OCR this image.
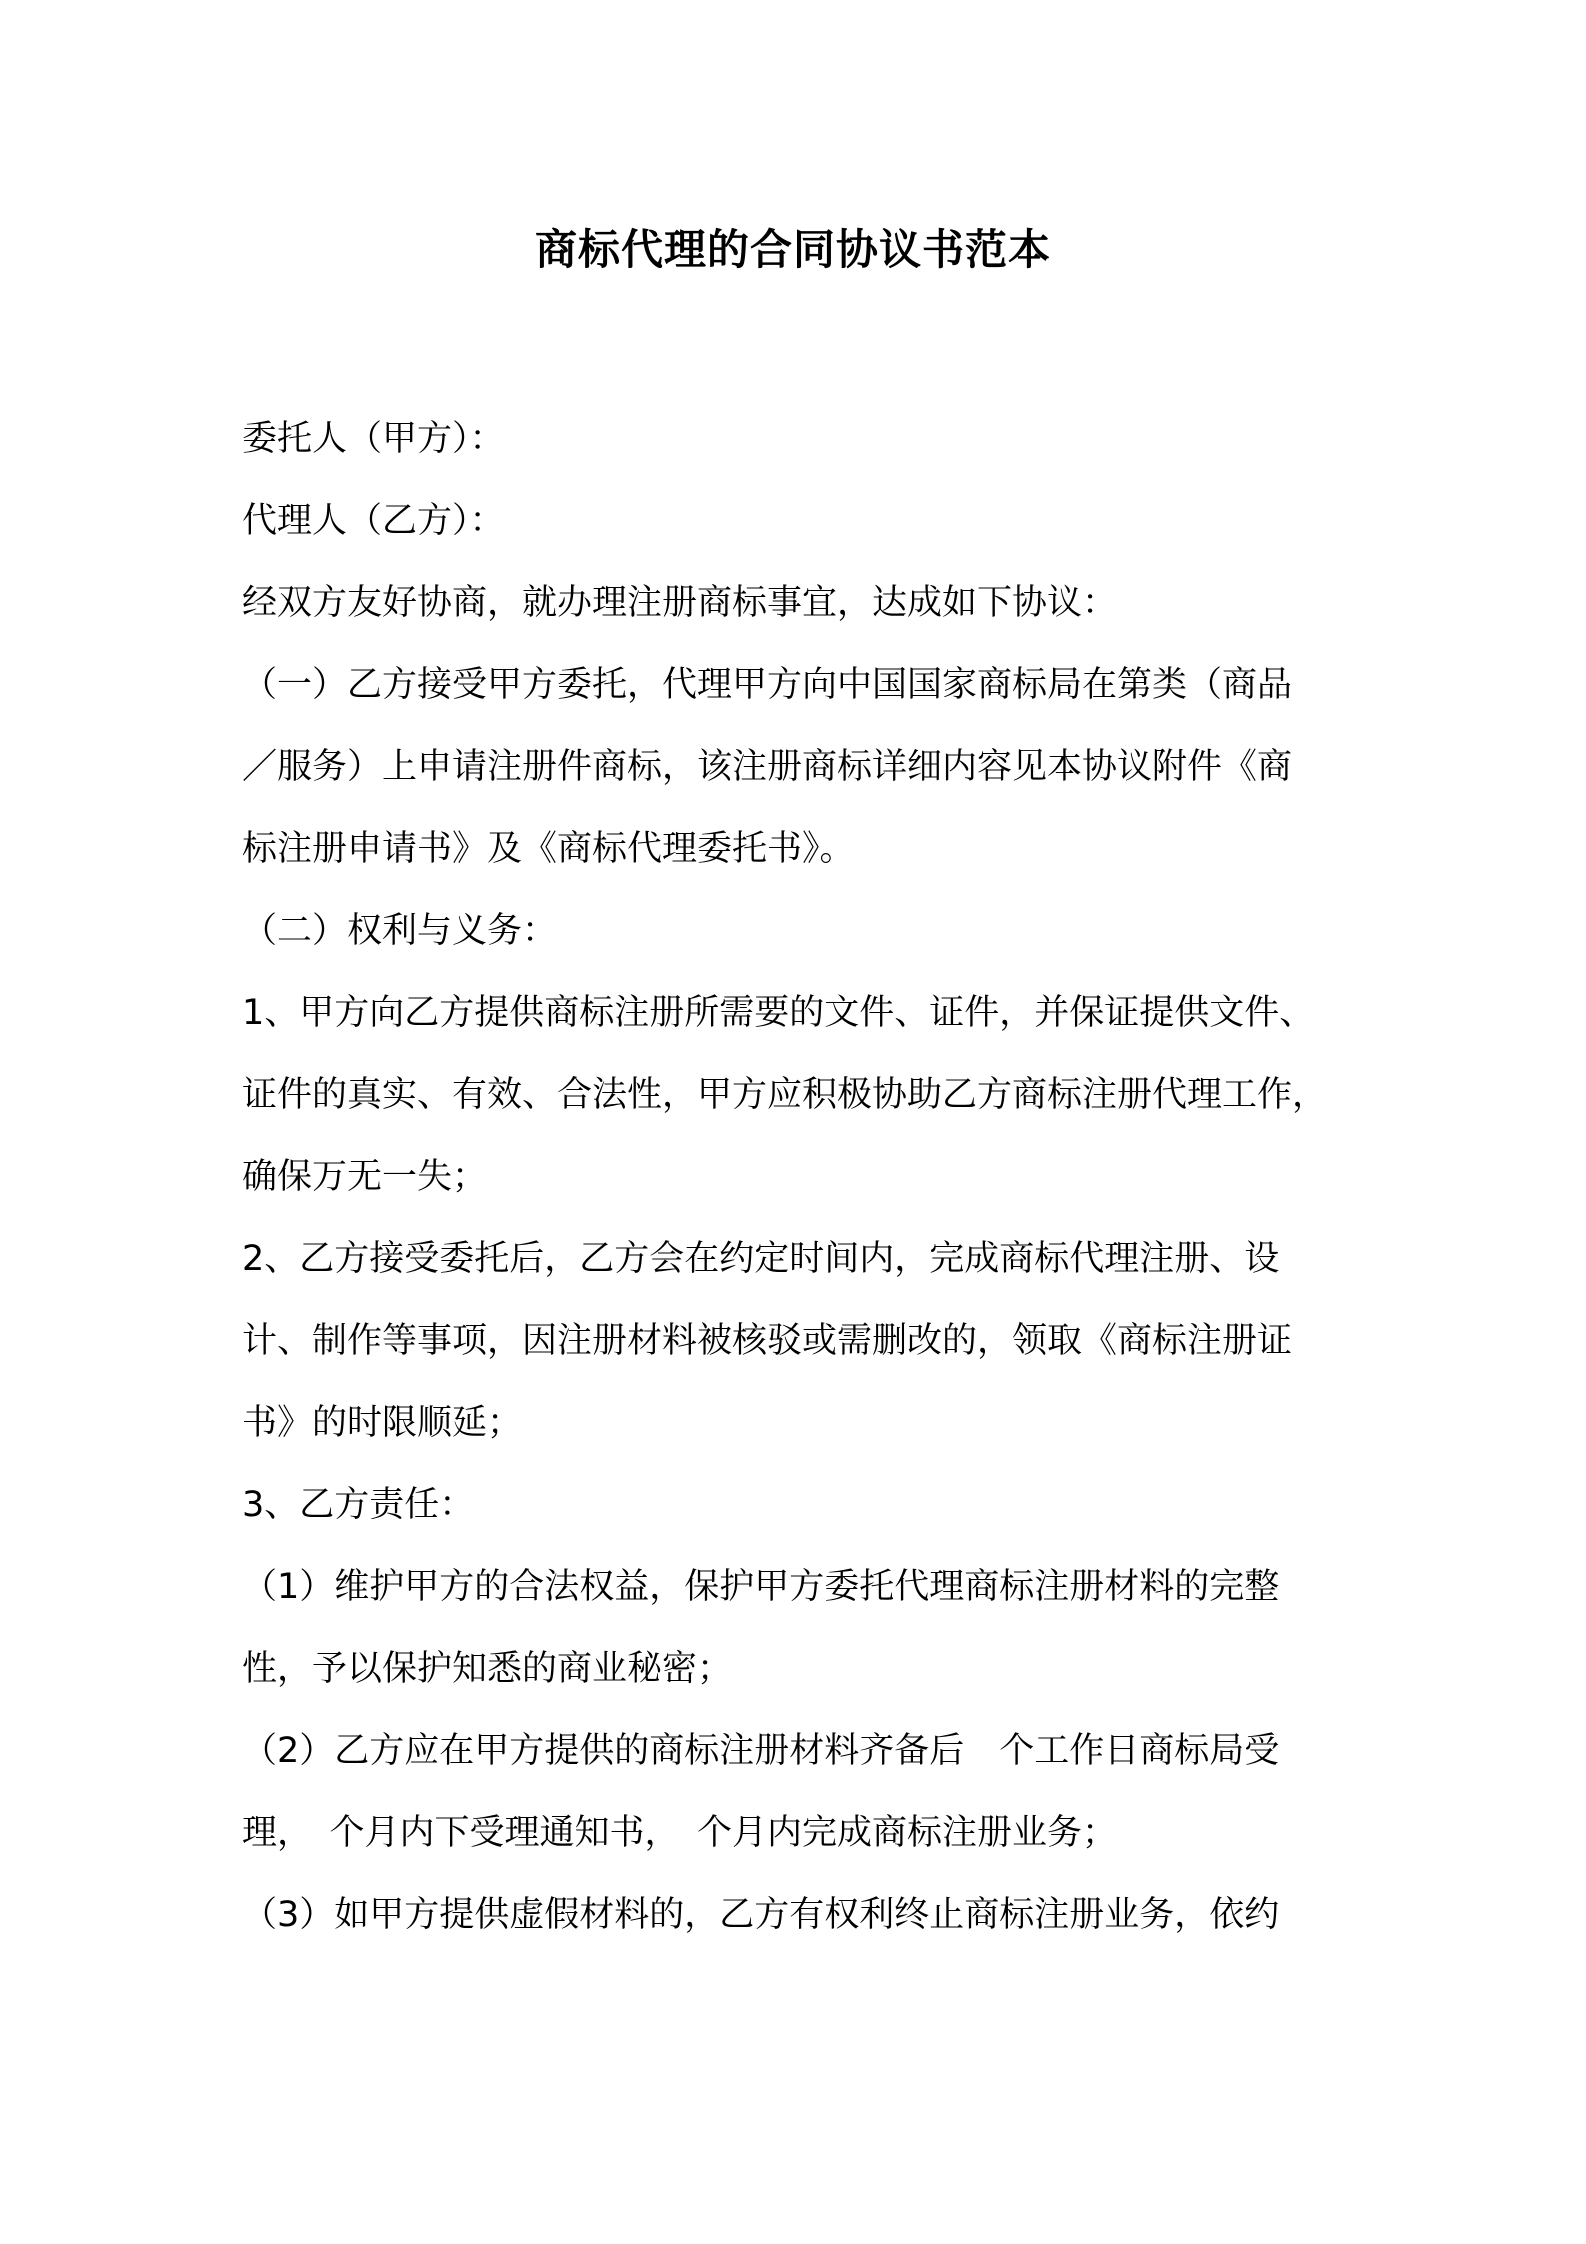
商标代理的合同协议书范本
委托人（甲方）：
代理人（乙方）：
经双方友好协商，就办理注册商标事宜，达成如下协议：
（一）乙方接受甲方委托，代理甲方向中国国家商标局在第类（商品
／服务）上申请注册件商标，该注册商标详细内容见本协议附件《商
标注册申请书》及《商标代理委托书》。
（二）权利与义务：
1、甲方向乙方提供商标注册所需要的文件、证件，并保证提供文件、
证件的真实、有效、合法性，甲方应积极协助乙方商标注册代理工作，
确保万无一失；
2、乙方接受委托后，乙方会在约定时间内，完成商标代理注册、设
计、制作等事项，因注册材料被核驳或需删改的，领取《商标注册证
书》的时限顺延；
3、乙方责任：
（1）维护甲方的合法权益，保护甲方委托代理商标注册材料的完整
性，予以保护知悉的商业秘密；
（2）乙方应在甲方提供的商标注册材料齐备后　个工作日商标局受
理，　个月内下受理通知书，　个月内完成商标注册业务；
（3）如甲方提供虚假材料的，乙方有权利终止商标注册业务，依约
